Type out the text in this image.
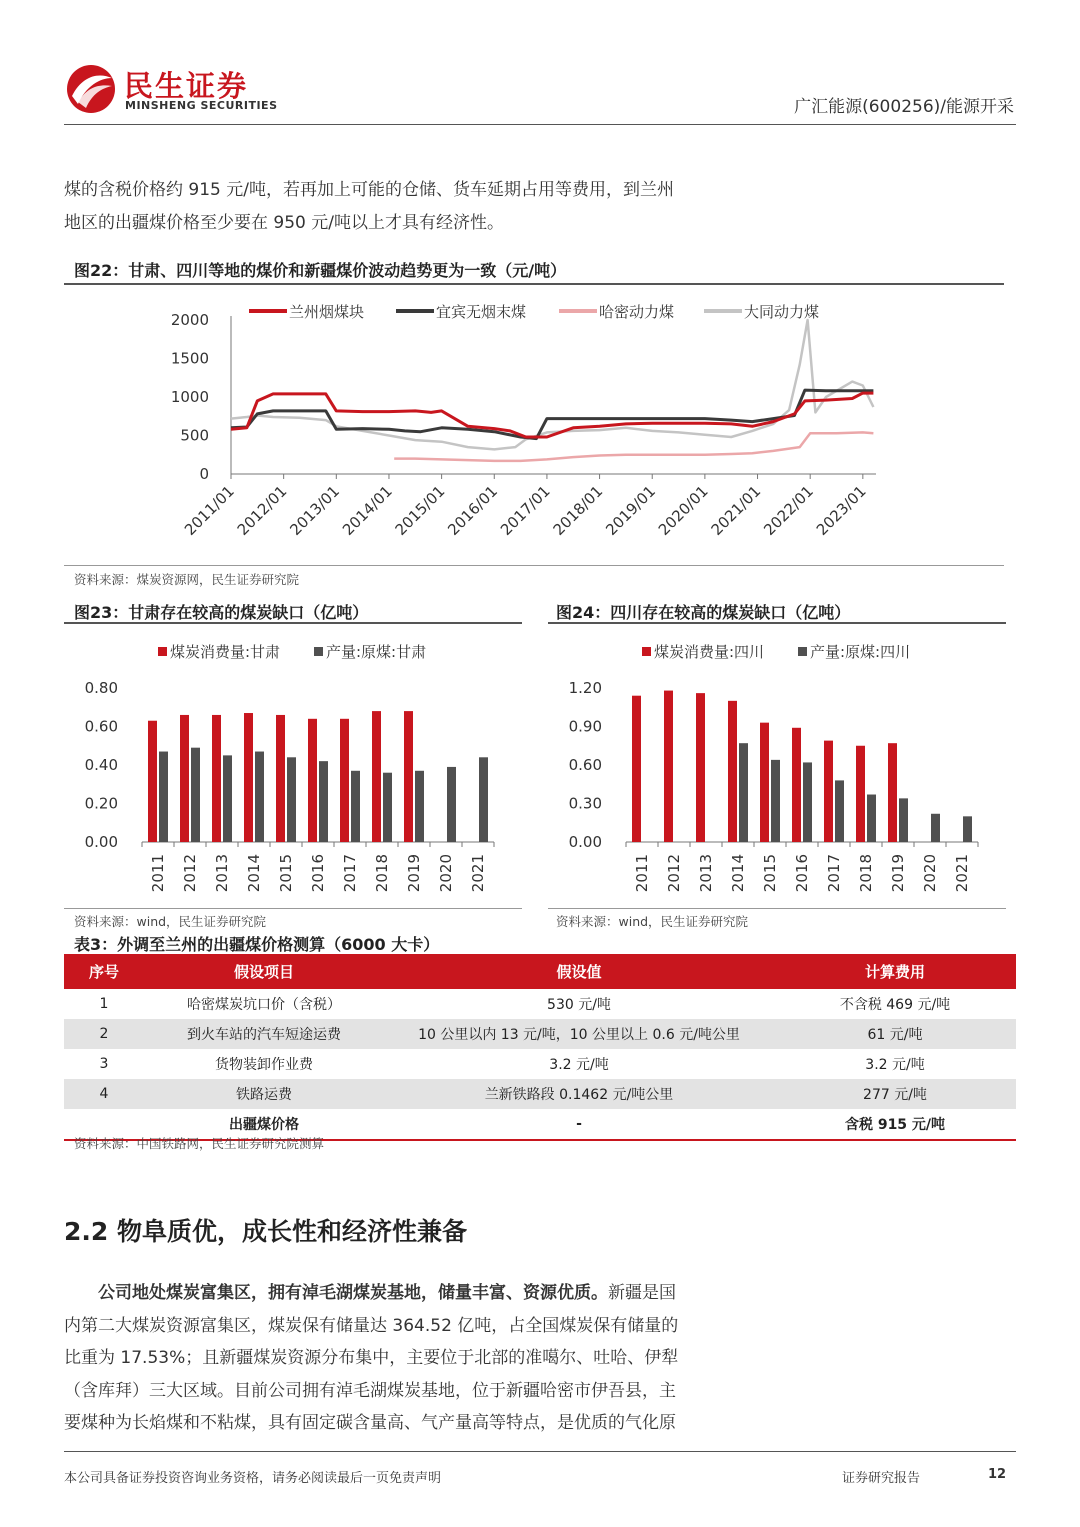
民生证券
MINSHENG SECURITIES	广汇能源(600256)/能源开采
煤的含税价格约 915 元/吨，若再加上可能的仓储、货车延期占用等费用，到兰州
地区的出疆煤价格至少要在 950 元/吨以上才具有经济性。
图22：甘肃、四川等地的煤价和新疆煤价波动趋势更为一致（元/吨）
2000
1500
1000
500
0
2011/01
2012/01
2013/01
2014/01
2015/01
2016/01
2017/01
2018/01
2019/01
2020/01
2021/01
2022/01
2023/01
兰州烟煤块	宜宾无烟末煤	哈密动力煤	大同动力煤
资料来源：煤炭资源网，民生证券研究院
图23：甘肃存在较高的煤炭缺口（亿吨）
0.80
0.60
0.40
0.20
0.00
煤炭消费量:甘肃	产量:原煤:甘肃
2011 2012 2013 2014 2015 2016 2017 2018 2019 2020 2021
资料来源：wind，民生证券研究院
图24：四川存在较高的煤炭缺口（亿吨）
1.20
0.90
0.60
0.30
0.00
煤炭消费量:四川	产量:原煤:四川
2011 2012 2013 2014 2015 2016 2017 2018 2019 2020 2021
资料来源：wind，民生证券研究院
表3：外调至兰州的出疆煤价格测算（6000 大卡）
序号	假设项目	假设值	计算费用
1	哈密煤炭坑口价（含税）	530 元/吨	不含税 469 元/吨
2	到火车站的汽车短途运费	10 公里以内 13 元/吨，10 公里以上 0.6 元/吨公里	61 元/吨
3	货物装卸作业费	3.2 元/吨	3.2 元/吨
4	铁路运费	兰新铁路段 0.1462 元/吨公里	277 元/吨
	出疆煤价格	-	含税 915 元/吨
资料来源：中国铁路网，民生证券研究院测算
2.2 物阜质优，成长性和经济性兼备
公司地处煤炭富集区，拥有淖毛湖煤炭基地，储量丰富、资源优质。新疆是国
内第二大煤炭资源富集区，煤炭保有储量达 364.52 亿吨，占全国煤炭保有储量的
比重为 17.53%；且新疆煤炭资源分布集中，主要位于北部的准噶尔、吐哈、伊犁
（含库拜）三大区域。目前公司拥有淖毛湖煤炭基地，位于新疆哈密市伊吾县，主
要煤种为长焰煤和不粘煤，具有固定碳含量高、气产量高等特点，是优质的气化原
本公司具备证券投资咨询业务资格，请务必阅读最后一页免责声明	证券研究报告	12
